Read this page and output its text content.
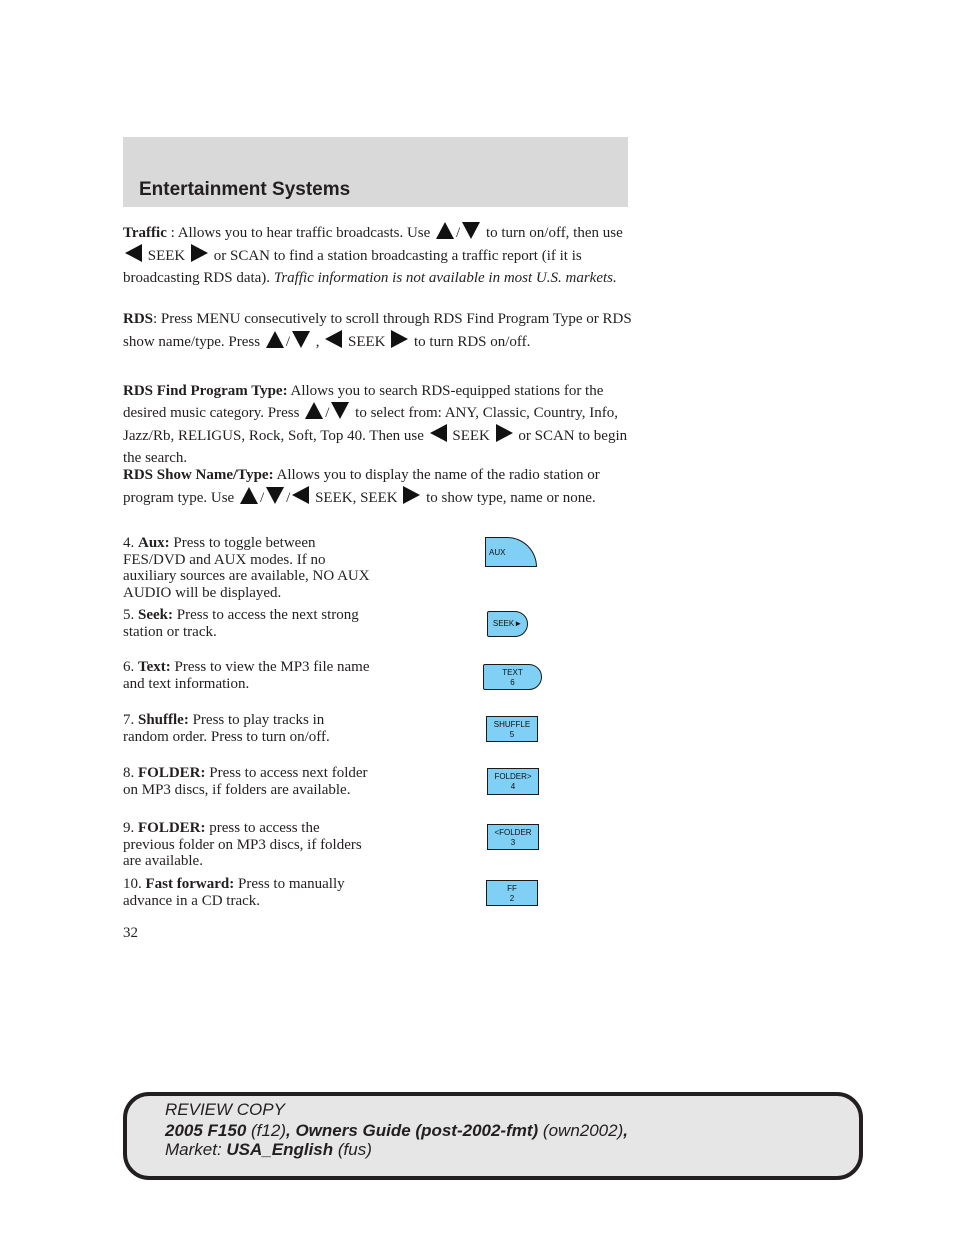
Entertainment Systems
Traffic : Allows you to hear traffic broadcasts. Use / to turn on/off, then use  SEEK  or SCAN to find a station broadcasting a traffic report (if it is broadcasting RDS data). Traffic information is not available in most U.S. markets.
RDS: Press MENU consecutively to scroll through RDS Find Program Type or RDS show name/type. Press / ,  SEEK  to turn RDS on/off.
RDS Find Program Type: Allows you to search RDS-equipped stations for the desired music category. Press / to select from: ANY, Classic, Country, Info, Jazz/Rb, RELIGUS, Rock, Soft, Top 40. Then use  SEEK  or SCAN to begin the search.
RDS Show Name/Type: Allows you to display the name of the radio station or program type. Use / / SEEK, SEEK  to show type, name or none.
4. Aux: Press to toggle between FES/DVD and AUX modes. If no auxiliary sources are available, NO AUX AUDIO will be displayed.
5. Seek: Press to access the next strong station or track.
6. Text: Press to view the MP3 file name and text information.
7. Shuffle: Press to play tracks in random order. Press to turn on/off.
8. FOLDER: Press to access next folder on MP3 discs, if folders are available.
9. FOLDER: press to access the previous folder on MP3 discs, if folders are available.
10. Fast forward: Press to manually advance in a CD track.
AUX
SEEK►
TEXT
6
SHUFFLE
5
FOLDER>
4
<FOLDER
3
FF
2
32
REVIEW COPY
2005 F150 (f12), Owners Guide (post-2002-fmt) (own2002),
Market: USA_English (fus)
